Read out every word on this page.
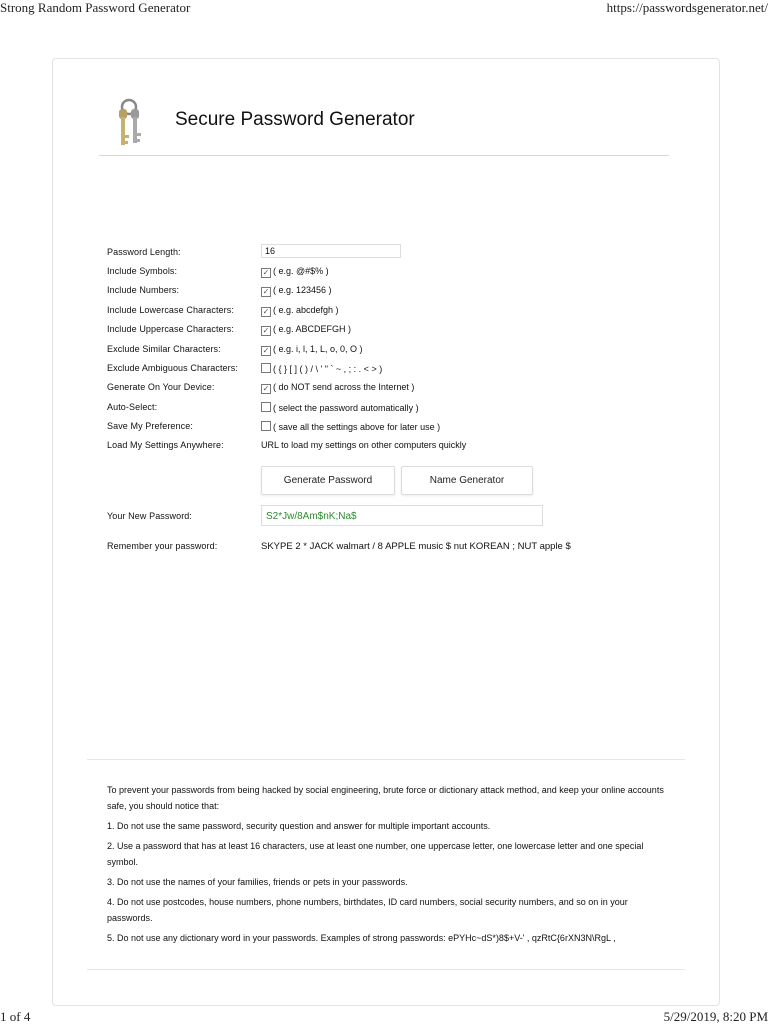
Strong Random Password Generator	https://passwordsgenerator.net/
Secure Password Generator
Password Length:
16
Include Symbols:	✓ ( e.g. @#$% )
Include Numbers:	✓ ( e.g. 123456 )
Include Lowercase Characters:	✓ ( e.g. abcdefgh )
Include Uppercase Characters:	✓ ( e.g. ABCDEFGH )
Exclude Similar Characters:	✓ ( e.g. i, l, 1, L, o, 0, O )
Exclude Ambiguous Characters:	( { } [ ] ( ) / \ ' " ` ~ , ; : . < > )
Generate On Your Device:	✓ ( do NOT send across the Internet )
Auto-Select:	( select the password automatically )
Save My Preference:	( save all the settings above for later use )
Load My Settings Anywhere:	URL to load my settings on other computers quickly
Generate Password	Name Generator
Your New Password:	S2*Jw/8Am$nK;Na$
Remember your password:	SKYPE 2 * JACK walmart / 8 APPLE music $ nut KOREAN ; NUT apple $
To prevent your passwords from being hacked by social engineering, brute force or dictionary attack method, and keep your online accounts safe, you should notice that:
1. Do not use the same password, security question and answer for multiple important accounts.
2. Use a password that has at least 16 characters, use at least one number, one uppercase letter, one lowercase letter and one special symbol.
3. Do not use the names of your families, friends or pets in your passwords.
4. Do not use postcodes, house numbers, phone numbers, birthdates, ID card numbers, social security numbers, and so on in your passwords.
5. Do not use any dictionary word in your passwords. Examples of strong passwords: ePYHc~dS*)8$+V-' , qzRtC{6rXN3N\RgL ,
1 of 4	5/29/2019, 8:20 PM
